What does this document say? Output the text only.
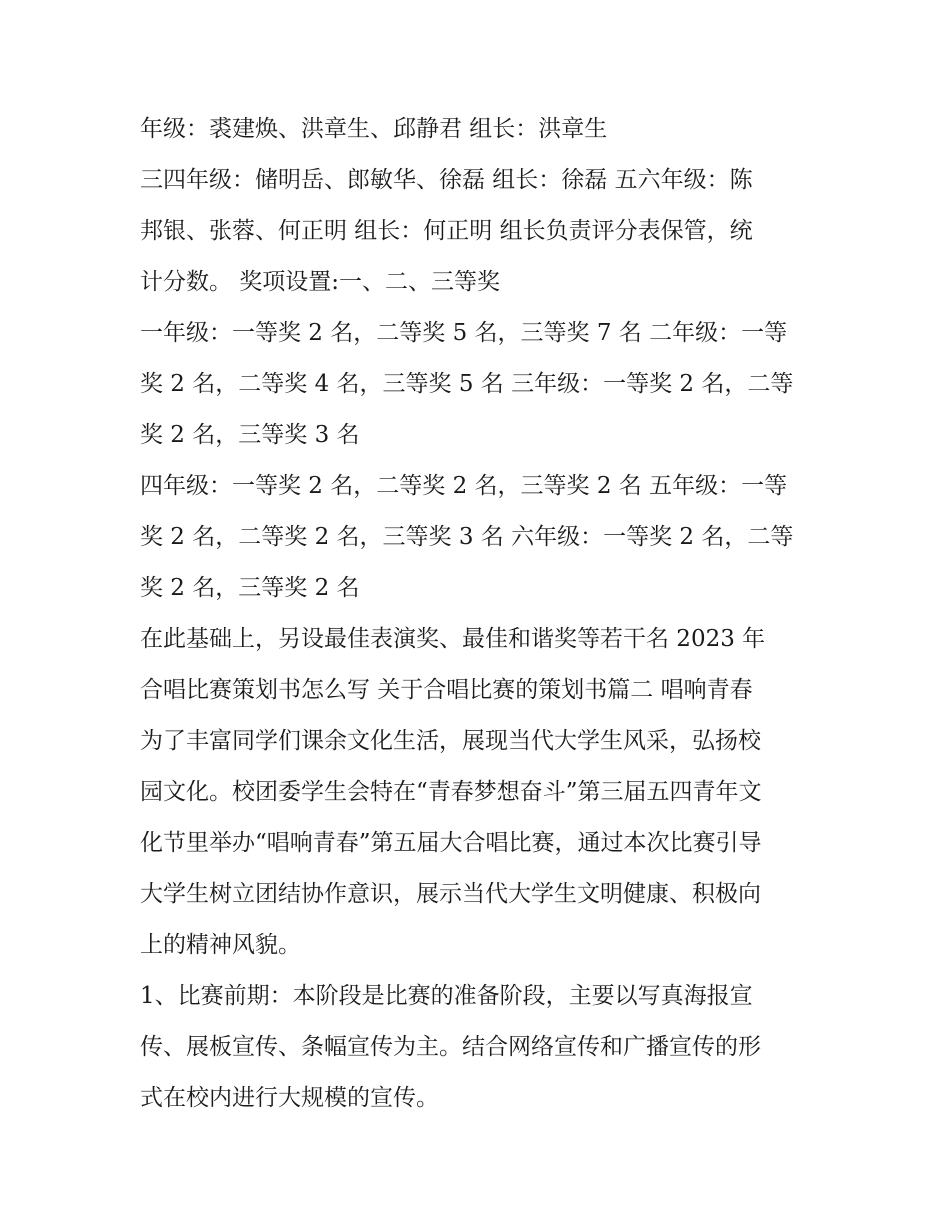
年级：裘建焕、洪章生、邱静君 组长：洪章生
三四年级：储明岳、郎敏华、徐磊 组长：徐磊 五六年级：陈
邦银、张蓉、何正明 组长：何正明 组长负责评分表保管，统
计分数。 奖项设置:一、二、三等奖
一年级：一等奖 2 名，二等奖 5 名，三等奖 7 名 二年级：一等
奖 2 名，二等奖 4 名，三等奖 5 名 三年级：一等奖 2 名，二等
奖 2 名，三等奖 3 名
四年级：一等奖 2 名，二等奖 2 名，三等奖 2 名 五年级：一等
奖 2 名，二等奖 2 名，三等奖 3 名 六年级：一等奖 2 名，二等
奖 2 名，三等奖 2 名
在此基础上，另设最佳表演奖、最佳和谐奖等若干名 2023 年
合唱比赛策划书怎么写 关于合唱比赛的策划书篇二 唱响青春
为了丰富同学们课余文化生活，展现当代大学生风采，弘扬校
园文化。校团委学生会特在“青春梦想奋斗”第三届五四青年文
化节里举办“唱响青春”第五届大合唱比赛，通过本次比赛引导
大学生树立团结协作意识，展示当代大学生文明健康、积极向
上的精神风貌。
1、比赛前期：本阶段是比赛的准备阶段，主要以写真海报宣
传、展板宣传、条幅宣传为主。结合网络宣传和广播宣传的形
式在校内进行大规模的宣传。
